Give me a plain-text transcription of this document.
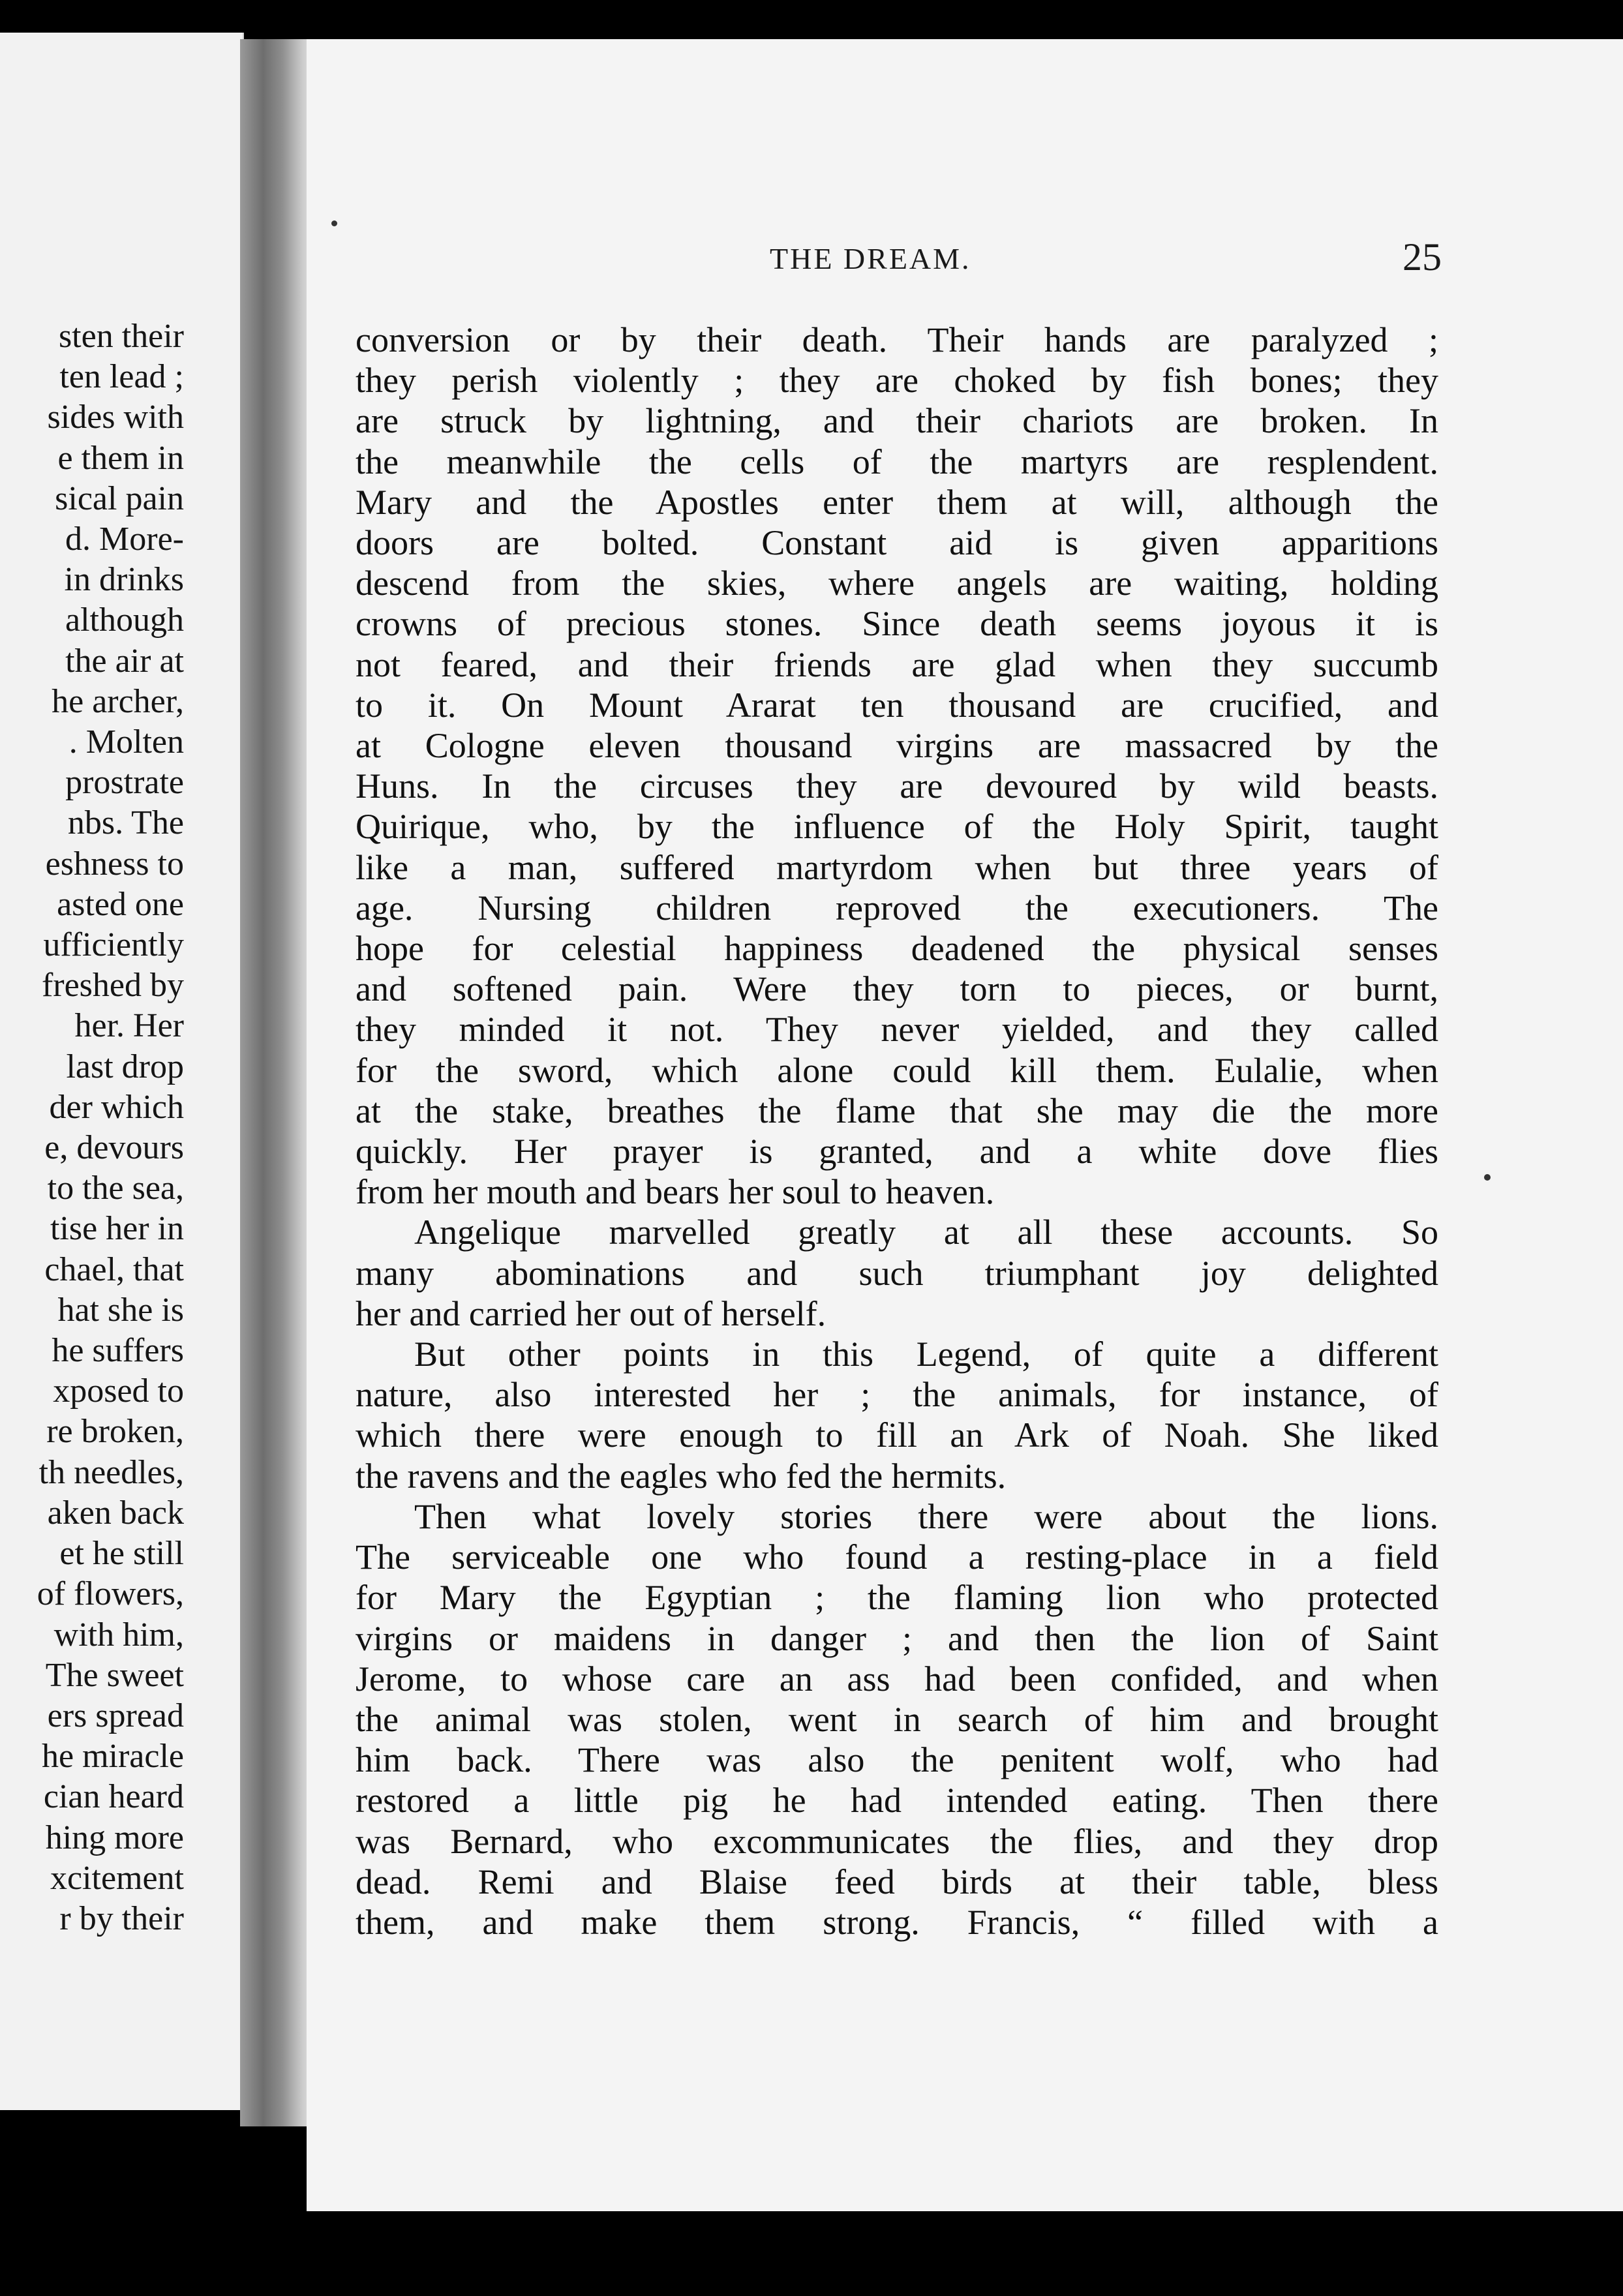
sten their
ten lead ;
sides with
e them in
sical pain
d. More-
in drinks
although
the air at
he archer,
. Molten
prostrate
nbs. The
eshness to
asted one
ufficiently
freshed by
her. Her
last drop
der which
e, devours
to the sea,
tise her in
chael, that
hat she is
he suffers
xposed to
re broken,
th needles,
aken back
et he still
of flowers,
with him,
The sweet
ers spread
he miracle
cian heard
hing more
xcitement
r by their
THE DREAM.	25
conversion or by their death. Their hands are paralyzed ;
they perish violently ; they are choked by fish bones; they
are struck by lightning, and their chariots are broken. In
the meanwhile the cells of the martyrs are resplendent.
Mary and the Apostles enter them at will, although the
doors are bolted. Constant aid is given apparitions
descend from the skies, where angels are waiting, holding
crowns of precious stones. Since death seems joyous it is
not feared, and their friends are glad when they succumb
to it. On Mount Ararat ten thousand are crucified, and
at Cologne eleven thousand virgins are massacred by the
Huns. In the circuses they are devoured by wild beasts.
Quirique, who, by the influence of the Holy Spirit, taught
like a man, suffered martyrdom when but three years of
age. Nursing children reproved the executioners. The
hope for celestial happiness deadened the physical senses
and softened pain. Were they torn to pieces, or burnt,
they minded it not. They never yielded, and they called
for the sword, which alone could kill them. Eulalie, when
at the stake, breathes the flame that she may die the more
quickly. Her prayer is granted, and a white dove flies
from her mouth and bears her soul to heaven.
Angelique marvelled greatly at all these accounts. So
many abominations and such triumphant joy delighted
her and carried her out of herself.
But other points in this Legend, of quite a different
nature, also interested her ; the animals, for instance, of
which there were enough to fill an Ark of Noah. She liked
the ravens and the eagles who fed the hermits.
Then what lovely stories there were about the lions.
The serviceable one who found a resting-place in a field
for Mary the Egyptian ; the flaming lion who protected
virgins or maidens in danger ; and then the lion of Saint
Jerome, to whose care an ass had been confided, and when
the animal was stolen, went in search of him and brought
him back. There was also the penitent wolf, who had
restored a little pig he had intended eating. Then there
was Bernard, who excommunicates the flies, and they drop
dead. Remi and Blaise feed birds at their table, bless
them, and make them strong. Francis, “ filled with a
